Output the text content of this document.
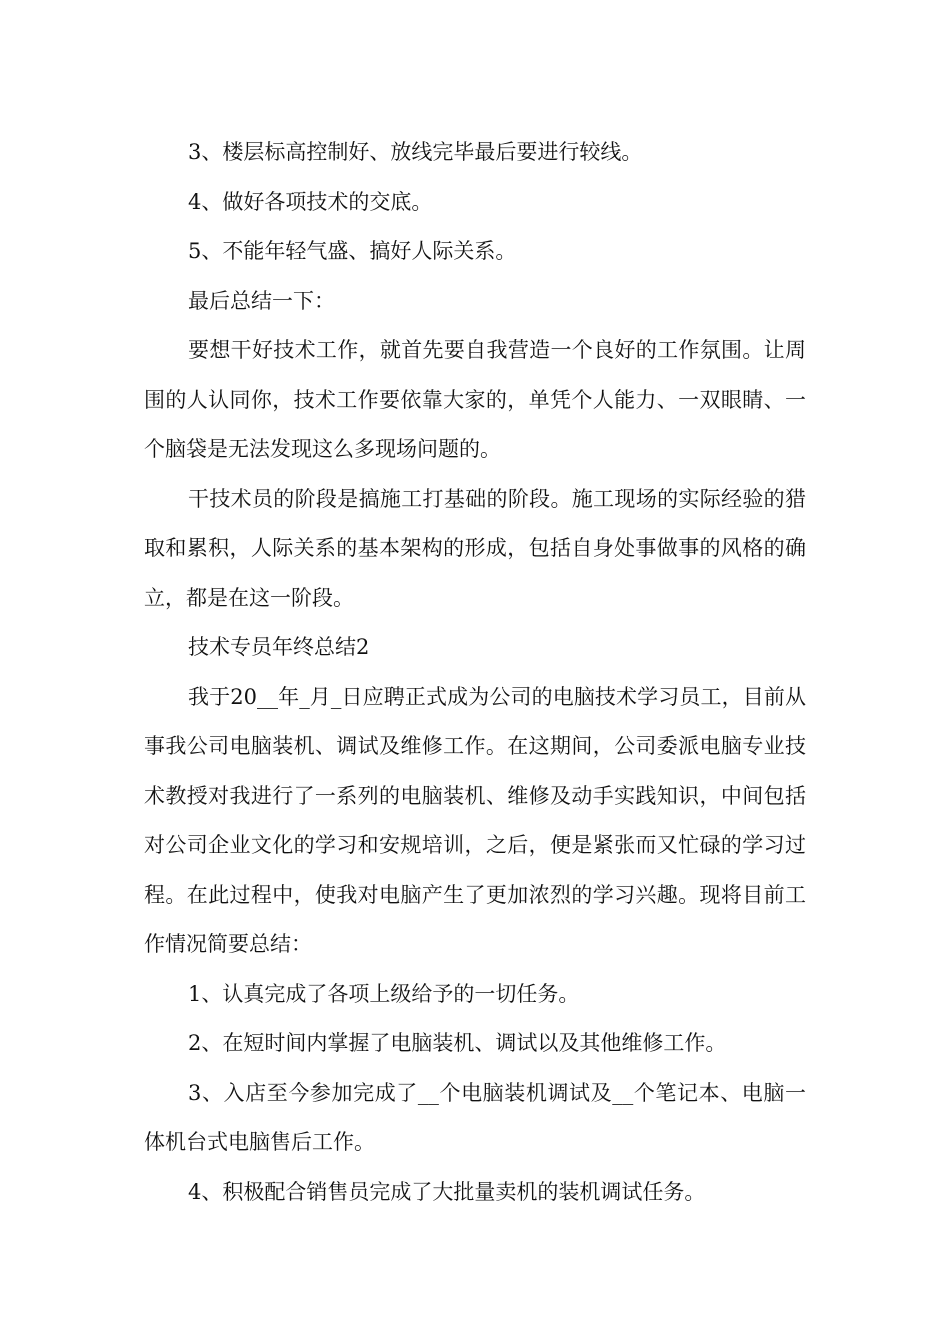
3、楼层标高控制好、放线完毕最后要进行较线。

4、做好各项技术的交底。

5、不能年轻气盛、搞好人际关系。

最后总结一下：

要想干好技术工作，就首先要自我营造一个良好的工作氛围。让周围的人认同你，技术工作要依靠大家的，单凭个人能力、一双眼睛、一个脑袋是无法发现这么多现场问题的。

干技术员的阶段是搞施工打基础的阶段。施工现场的实际经验的猎取和累积，人际关系的基本架构的形成，包括自身处事做事的风格的确立，都是在这一阶段。

技术专员年终总结2

我于20__年_月_日应聘正式成为公司的电脑技术学习员工，目前从事我公司电脑装机、调试及维修工作。在这期间，公司委派电脑专业技术教授对我进行了一系列的电脑装机、维修及动手实践知识，中间包括对公司企业文化的学习和安规培训，之后，便是紧张而又忙碌的学习过程。在此过程中，使我对电脑产生了更加浓烈的学习兴趣。现将目前工作情况简要总结：

1、认真完成了各项上级给予的一切任务。

2、在短时间内掌握了电脑装机、调试以及其他维修工作。

3、入店至今参加完成了__个电脑装机调试及__个笔记本、电脑一体机台式电脑售后工作。

4、积极配合销售员完成了大批量卖机的装机调试任务。
